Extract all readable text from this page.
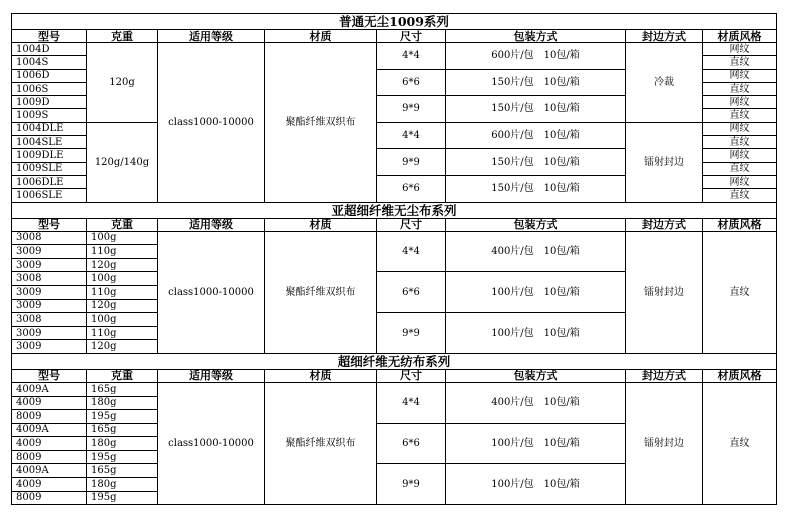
普通无尘1009系列							
型号	克重	适用等级	材质	尺寸	包装方式	封边方式	材质风格
1004D	120g	class1000-10000	聚酯纤维双织布	4*4	600片/包　10包/箱	冷裁	网纹
1004S							直纹
1006D				6*6	150片/包　10包/箱		网纹
1006S							直纹
1009D				9*9	150片/包　10包/箱		网纹
1009S							直纹
1004DLE	120g/140g			4*4	600片/包　10包/箱	镭射封边	网纹
1004SLE							直纹
1009DLE				9*9	150片/包　10包/箱		网纹
1009SLE							直纹
1006DLE				6*6	150片/包　10包/箱		网纹
1006SLE							直纹
亚超细纤维无尘布系列							
型号	克重	适用等级	材质	尺寸	包装方式	封边方式	材质风格
3008	100g	class1000-10000	聚酯纤维双织布	4*4	400片/包　10包/箱	镭射封边	直纹
3009	110g						
3009	120g						
3008	100g			6*6	100片/包　10包/箱		
3009	110g						
3009	120g						
3008	100g			9*9	100片/包　10包/箱		
3009	110g						
3009	120g						
超细纤维无纺布系列							
型号	克重	适用等级	材质	尺寸	包装方式	封边方式	材质风格
4009A	165g	class1000-10000	聚酯纤维双织布	4*4	400片/包　10包/箱	镭射封边	直纹
4009	180g						
8009	195g						
4009A	165g			6*6	100片/包　10包/箱		
4009	180g						
8009	195g						
4009A	165g			9*9	100片/包　10包/箱		
4009	180g						
8009	195g						
